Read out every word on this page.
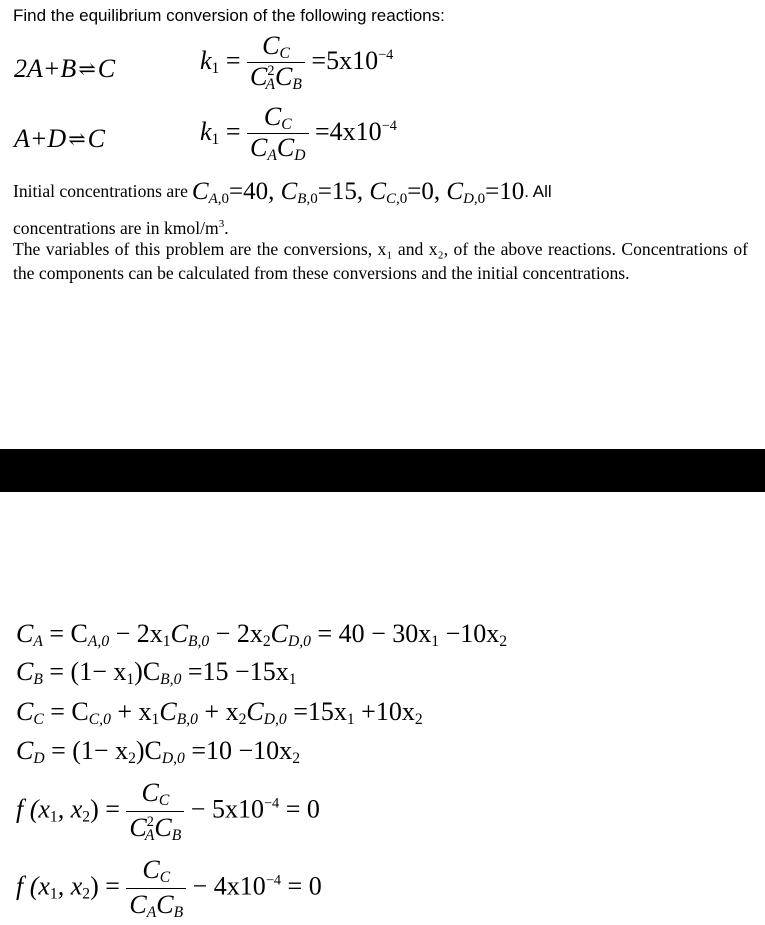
Find the equilibrium conversion of the following reactions:
2A+B⇌C	$k1 = \frac{C_C}{C^2_AC_B} =5x10^{-4}$
A+D⇌C	$k1 = \frac{C_C}{C_AC_D} =4x10^{-4}$
Initial concentrations are $C_A,0=40$, $C_B,0=15$, $C_C,0=0$, $C_D,0=10$. All
concentrations are in kmol/$m^3$.
The variables of this problem are the conversions, x₁ and x₂, of the above reactions. Concentrations of the components can be calculated from these conversions and the initial concentrations.
$C_A = CA,0 - 2x1CB,0 - 2x2CD,0 = 40 - 30x1 -10x2$
$C_B = (1- x1)CB,0 =15 -15x1$
$C_C = CC,0 + x1CB,0 + x2CD,0 =15x1 +10x2$
$C_D = (1- x2)CD,0 =10 -10x2$
f (x1, $x2) = \frac{C_C}{C^2_AC_B} - 5x10^{-4} = 0$
f (x1, $x2) = \frac{C_C}{C_AC_B} - 4x10^{-4} = 0$
